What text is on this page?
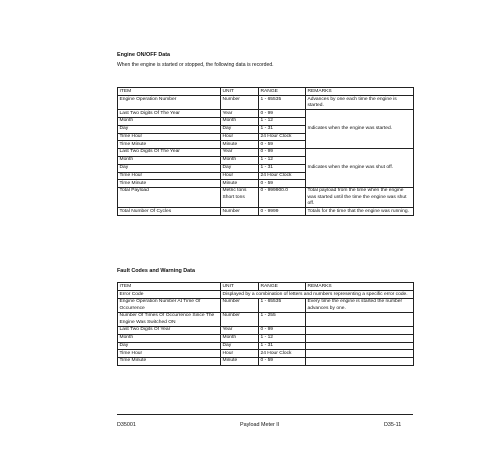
Engine ON/OFF Data
When the engine is started or stopped, the following data is recorded.
ITEM	UNIT	RANGE	REMARKS
Engine Operation Number	Number	1 - 65535	Advances by one each time the engine is started.
Last Two Digits Of The Year	Year	0 - 99	Indicates when the engine was started.
Month	Month	1 - 12	
Day	Day	1 - 31	
Time Hour	Hour	24 Hour Clock	
Time Minute	Minute	0 - 59	
Last Two Digits Of The Year	Year	0 - 99	Indicates when the engine was shut off.
Month	Month	1 - 12	
Day	Day	1 - 31	
Time Hour	Hour	24 Hour Clock	
Time Minute	Minute	0 - 59	
Total Payload	Metric tons Short tons	0 - 999900.0	Total payload from the time when the engine was started until the time the engine was shut off.
Total Number Of Cycles	Number	0 - 9999	Totals for the time that the engine was running.
Fault Codes and Warning Data
ITEM	UNIT	RANGE	REMARKS
Error Code	Displayed by a combination of letters and numbers representing a specific error code.		
Engine Operation Number At Time Of Occurrence	Number	1 - 65535	Every time the engine is started the number advances by one.
Number Of Times Of Occurrence Since The Engine Was Switched ON	Number	1 - 255	
Last Two Digits Of Year	Year	0 - 99	
Month	Month	1 - 12	
Day	Day	1 - 31	
Time Hour	Hour	24 Hour Clock	
Time Minute	Minute	0 - 59	
D35001	Payload Meter II	D35-11
